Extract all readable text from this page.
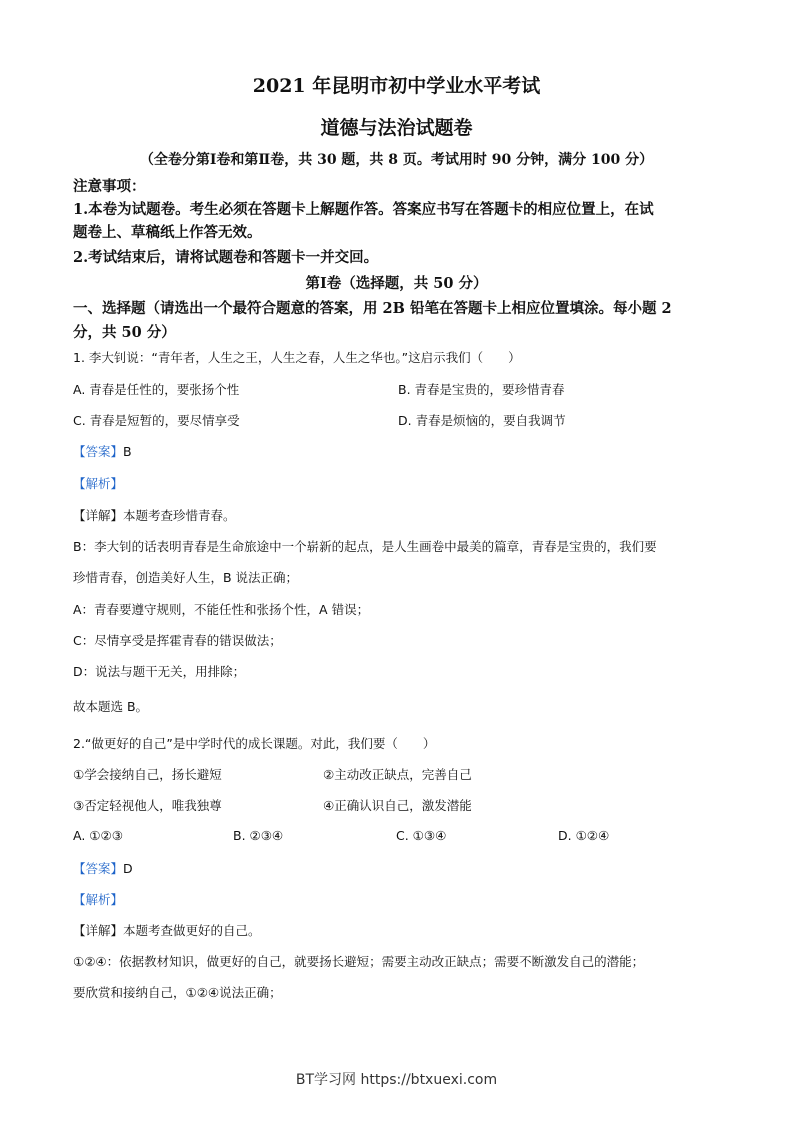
2021 年昆明市初中学业水平考试
道德与法治试题卷
（全卷分第Ⅰ卷和第Ⅱ卷，共 30 题，共 8 页。考试用时 90 分钟，满分 100 分）
注意事项：
1.本卷为试题卷。考生必须在答题卡上解题作答。答案应书写在答题卡的相应位置上，在试
题卷上、草稿纸上作答无效。
2.考试结束后，请将试题卷和答题卡一并交回。
第Ⅰ卷（选择题，共 50 分）
一、选择题（请选出一个最符合题意的答案，用 2B 铅笔在答题卡上相应位置填涂。每小题 2
分，共 50 分）
1. 李大钊说：“青年者，人生之王，人生之春，人生之华也。”这启示我们（　　）
A. 青春是任性的，要张扬个性	B. 青春是宝贵的，要珍惜青春
C. 青春是短暂的，要尽情享受	D. 青春是烦恼的，要自我调节
【答案】B
【解析】
【详解】本题考查珍惜青春。
B：李大钊的话表明青春是生命旅途中一个崭新的起点，是人生画卷中最美的篇章，青春是宝贵的，我们要
珍惜青春，创造美好人生，B 说法正确；
A：青春要遵守规则，不能任性和张扬个性，A 错误；
C：尽情享受是挥霍青春的错误做法；
D：说法与题干无关，用排除；
故本题选 B。
2.“做更好的自己”是中学时代的成长课题。对此，我们要（　　）
①学会接纳自己，扬长避短	②主动改正缺点，完善自己
③否定轻视他人，唯我独尊	④正确认识自己，激发潜能
A. ①②③	B. ②③④	C. ①③④	D. ①②④
【答案】D
【解析】
【详解】本题考查做更好的自己。
①②④：依据教材知识，做更好的自己，就要扬长避短；需要主动改正缺点；需要不断激发自己的潜能；
要欣赏和接纳自己，①②④说法正确；
BT学习网 https://btxuexi.com
